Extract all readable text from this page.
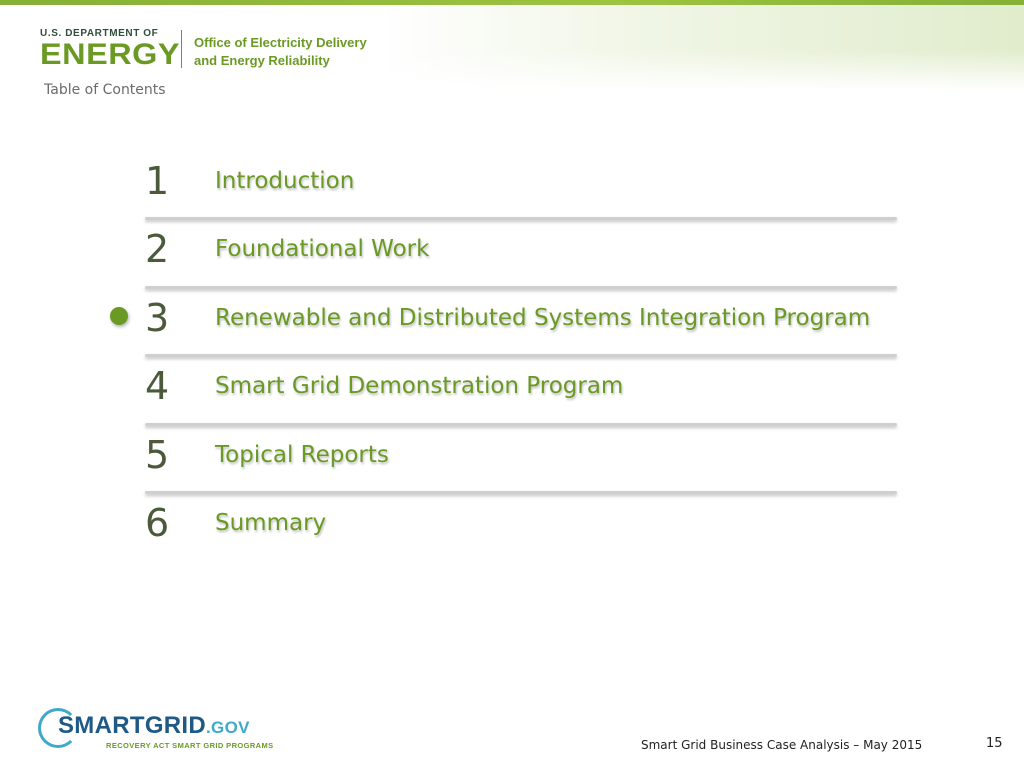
U.S. DEPARTMENT OF
ENERGY Office of Electricity Delivery
and Energy Reliability
Table of Contents
1	Introduction
2	Foundational Work
3	Renewable and Distributed Systems Integration Program
4	Smart Grid Demonstration Program
5	Topical Reports
6	Summary
SMARTGRID.GOV
RECOVERY ACT SMART GRID PROGRAMS	Smart Grid Business Case Analysis – May 2015	15
